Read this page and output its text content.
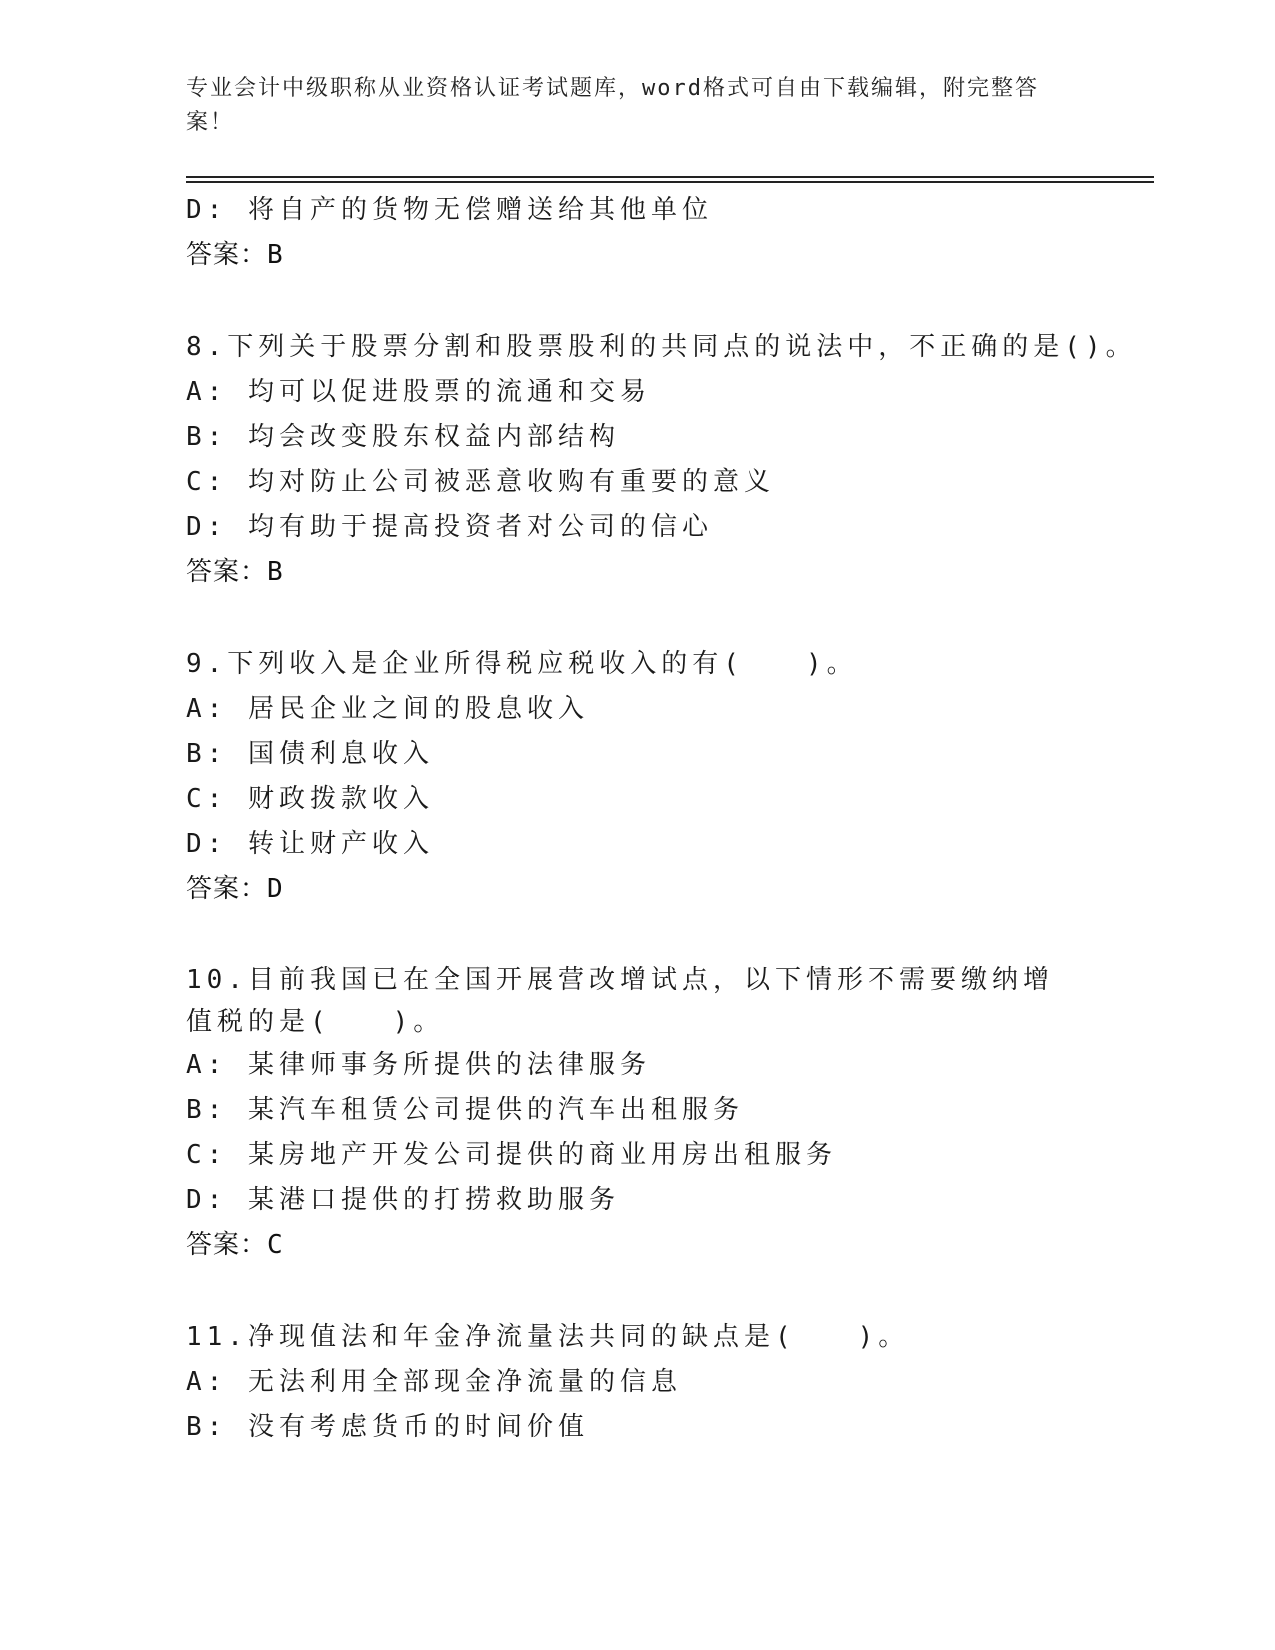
专业会计中级职称从业资格认证考试题库，word格式可自由下载编辑，附完整答案！
D: 将自产的货物无偿赠送给其他单位
答案：B
8.下列关于股票分割和股票股利的共同点的说法中，不正确的是()。
A: 均可以促进股票的流通和交易
B: 均会改变股东权益内部结构
C: 均对防止公司被恶意收购有重要的意义
D: 均有助于提高投资者对公司的信心
答案：B
9.下列收入是企业所得税应税收入的有(　　)。
A: 居民企业之间的股息收入
B: 国债利息收入
C: 财政拨款收入
D: 转让财产收入
答案：D
10.目前我国已在全国开展营改增试点，以下情形不需要缴纳增值税的是(　　)。
A: 某律师事务所提供的法律服务
B: 某汽车租赁公司提供的汽车出租服务
C: 某房地产开发公司提供的商业用房出租服务
D: 某港口提供的打捞救助服务
答案：C
11.净现值法和年金净流量法共同的缺点是(　　)。
A: 无法利用全部现金净流量的信息
B: 没有考虑货币的时间价值
